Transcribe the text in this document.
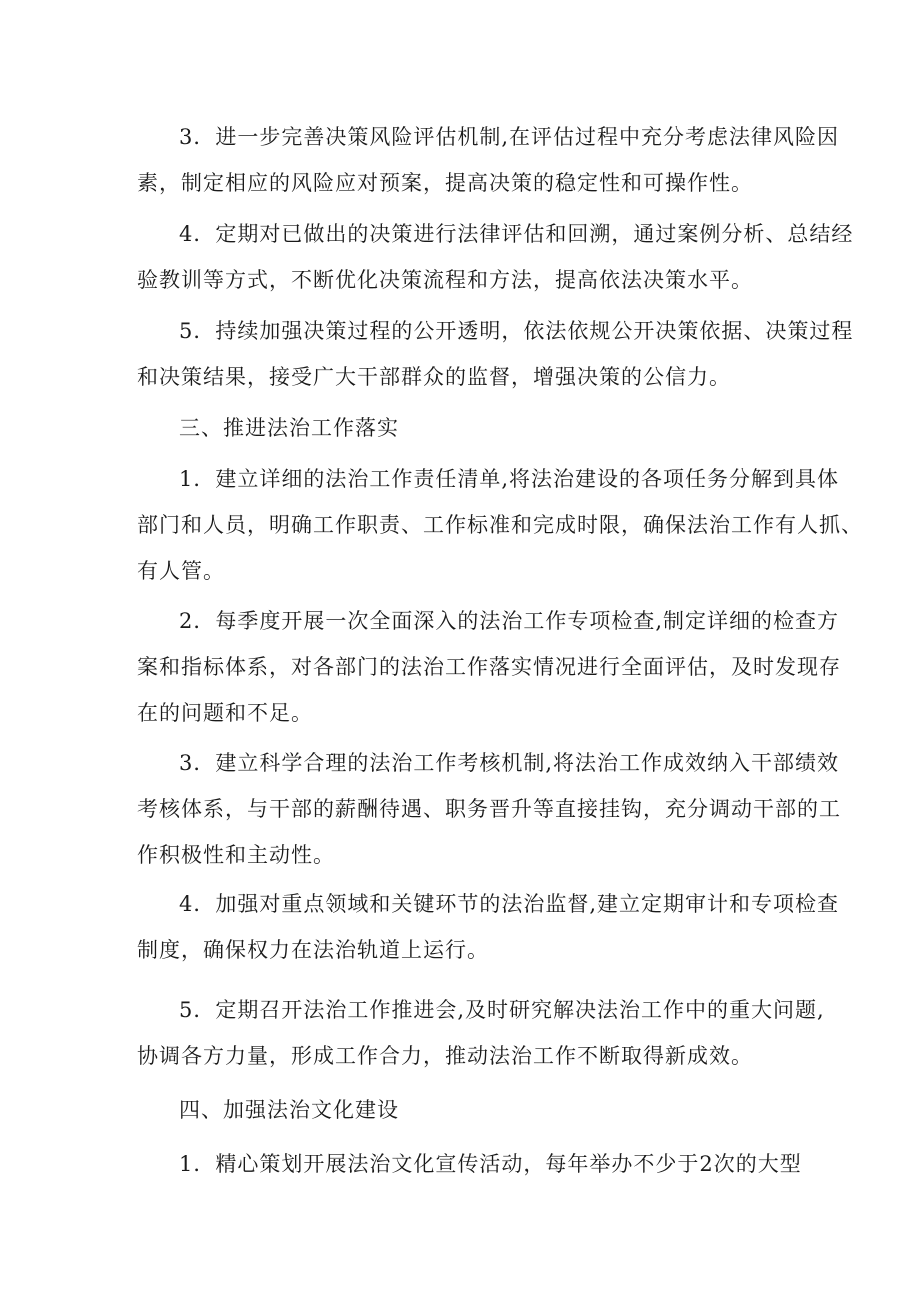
3．进一步完善决策风险评估机制,在评估过程中充分考虑法律风险因
素，制定相应的风险应对预案，提高决策的稳定性和可操作性。

4．定期对已做出的决策进行法律评估和回溯，通过案例分析、总结经
验教训等方式，不断优化决策流程和方法，提高依法决策水平。

5．持续加强决策过程的公开透明，依法依规公开决策依据、决策过程
和决策结果，接受广大干部群众的监督，增强决策的公信力。

三、推进法治工作落实

1．建立详细的法治工作责任清单,将法治建设的各项任务分解到具体
部门和人员，明确工作职责、工作标准和完成时限，确保法治工作有人抓、
有人管。

2．每季度开展一次全面深入的法治工作专项检查,制定详细的检查方
案和指标体系，对各部门的法治工作落实情况进行全面评估，及时发现存
在的问题和不足。

3．建立科学合理的法治工作考核机制,将法治工作成效纳入干部绩效
考核体系，与干部的薪酬待遇、职务晋升等直接挂钩，充分调动干部的工
作积极性和主动性。

4．加强对重点领域和关键环节的法治监督,建立定期审计和专项检查
制度，确保权力在法治轨道上运行。

5．定期召开法治工作推进会,及时研究解决法治工作中的重大问题,
协调各方力量，形成工作合力，推动法治工作不断取得新成效。

四、加强法治文化建设

1．精心策划开展法治文化宣传活动，每年举办不少于2次的大型
